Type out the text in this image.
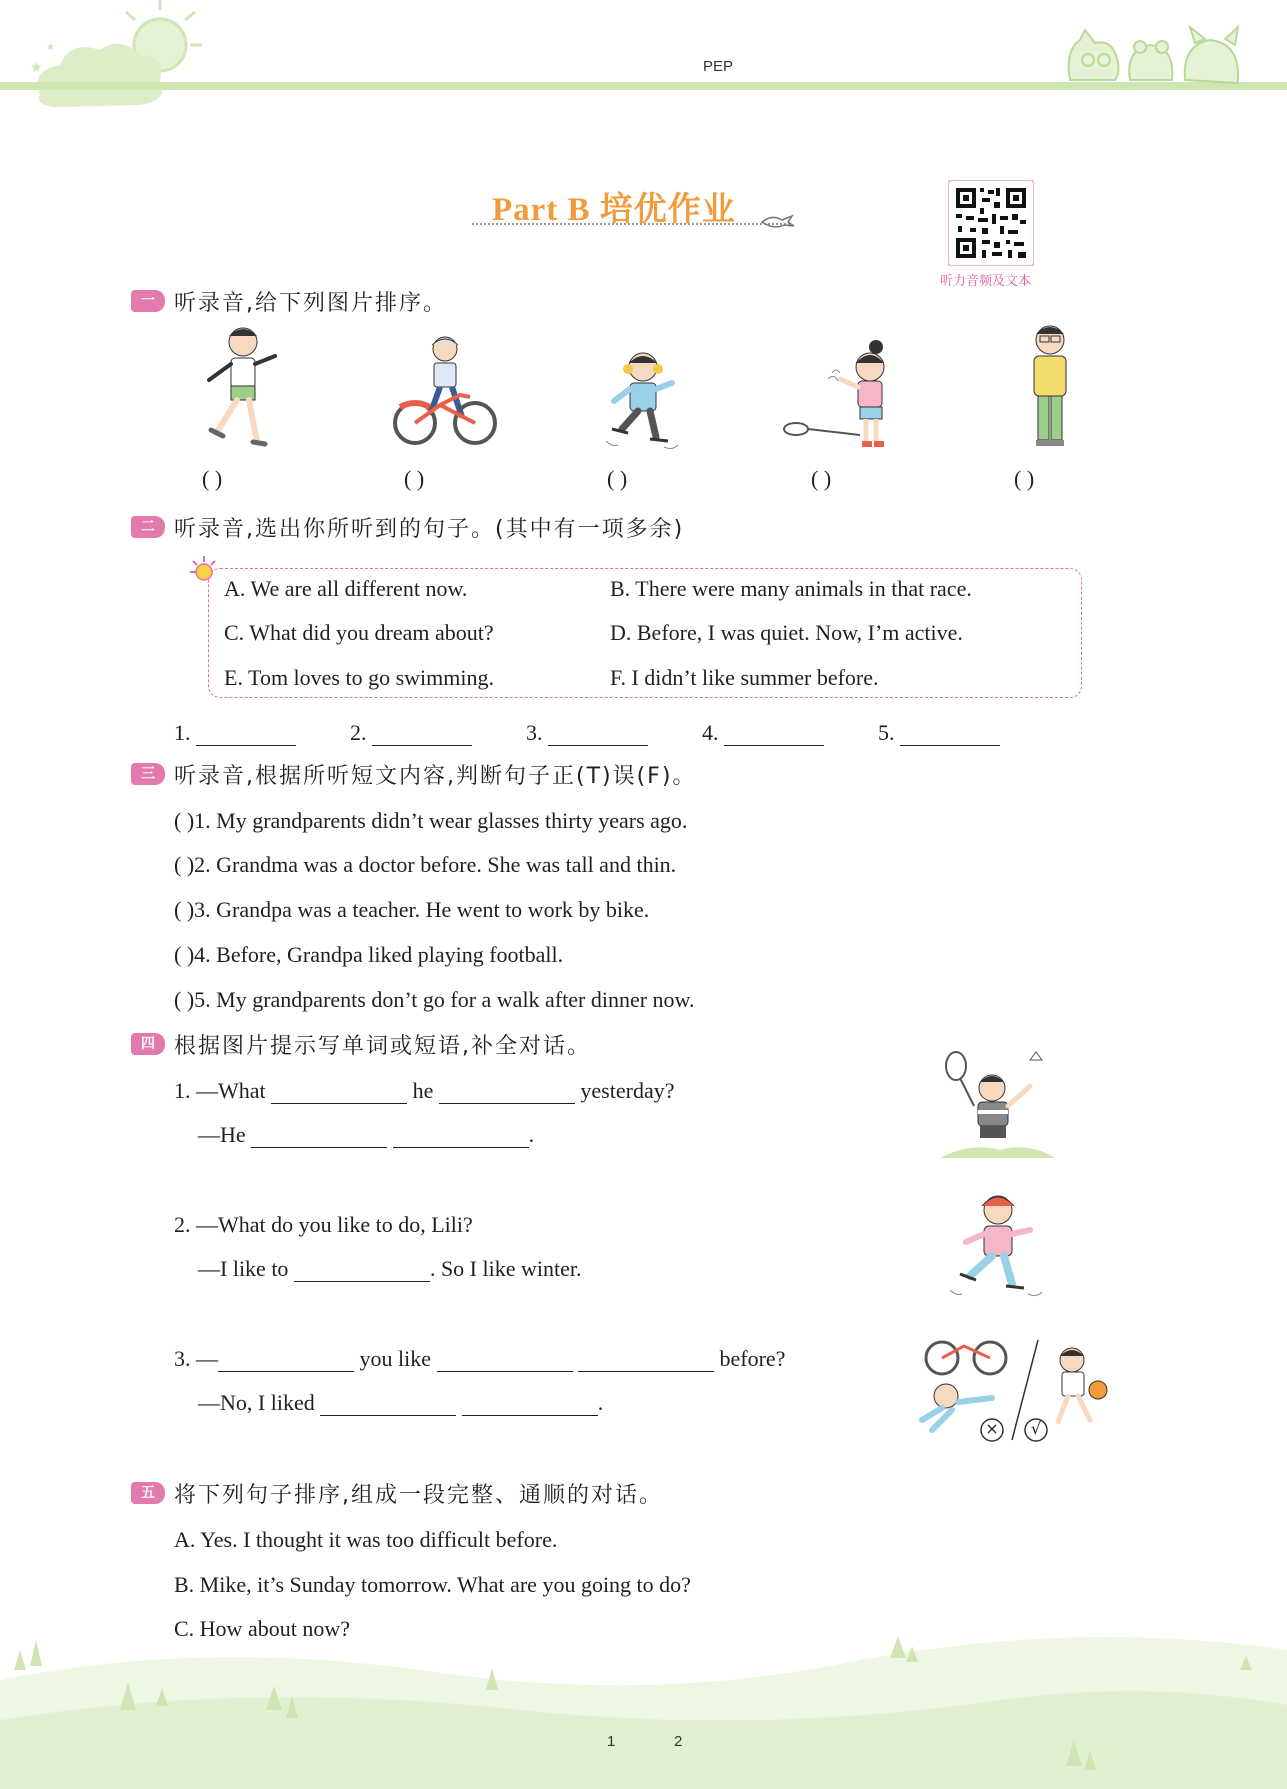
★
★
PEP
Part B 培优作业
听力音频及文本
一 听录音,给下列图片排序。
( )	( )	( )	( )	( )
二 听录音,选出你所听到的句子。(其中有一项多余)
A. We are all different now.	B. There were many animals in that race.
C. What did you dream about?	D. Before, I was quiet. Now, I’m active.
E. Tom loves to go swimming.	F. I didn’t like summer before.
1.	2.	3.	4.	5.
三 听录音,根据所听短文内容,判断句子正(T)误(F)。
( )1. My grandparents didn’t wear glasses thirty years ago.
( )2. Grandma was a doctor before. She was tall and thin.
( )3. Grandpa was a teacher. He went to work by bike.
( )4. Before, Grandpa liked playing football.
( )5. My grandparents don’t go for a walk after dinner now.
四 根据图片提示写单词或短语,补全对话。
1. —What	he	yesterday?
—He	.
2. —What do you like to do, Lili?
—I like to	. So I like winter.
3. —	you like	before?
—No, I liked	.
× √
五 将下列句子排序,组成一段完整、通顺的对话。
A. Yes. I thought it was too difficult before.
B. Mike, it’s Sunday tomorrow. What are you going to do?
C. How about now?
1	2
